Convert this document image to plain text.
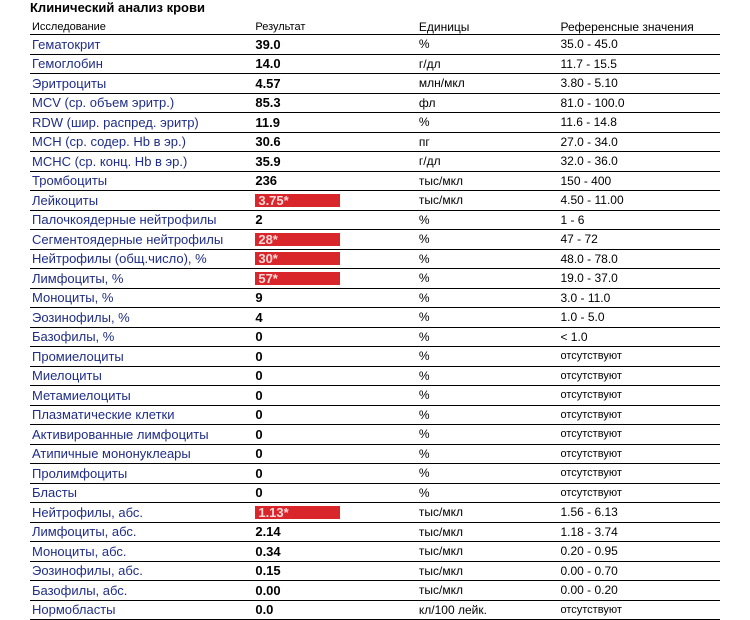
Клинический анализ крови
Исследование	Результат	Единицы	Референсные значения
Гематокрит	39.0	%	35.0 - 45.0
Гемоглобин	14.0	г/дл	11.7 - 15.5
Эритроциты	4.57	млн/мкл	3.80 - 5.10
MCV (ср. объем эритр.)	85.3	фл	81.0 - 100.0
RDW (шир. распред. эритр)	11.9	%	11.6 - 14.8
MCH (ср. содер. Hb в эр.)	30.6	пг	27.0 - 34.0
MCHC (ср. конц. Hb в эр.)	35.9	г/дл	32.0 - 36.0
Тромбоциты	236	тыс/мкл	150 - 400
Лейкоциты	3.75*	тыс/мкл	4.50 - 11.00
Палочкоядерные нейтрофилы	2	%	1 - 6
Сегментоядерные нейтрофилы	28*	%	47 - 72
Нейтрофилы (общ.число), %	30*	%	48.0 - 78.0
Лимфоциты, %	57*	%	19.0 - 37.0
Моноциты, %	9	%	3.0 - 11.0
Эозинофилы, %	4	%	1.0 - 5.0
Базофилы, %	0	%	< 1.0
Промиелоциты	0	%	отсутствуют
Миелоциты	0	%	отсутствуют
Метамиелоциты	0	%	отсутствуют
Плазматические клетки	0	%	отсутствуют
Активированные лимфоциты	0	%	отсутствуют
Атипичные мононуклеары	0	%	отсутствуют
Пролимфоциты	0	%	отсутствуют
Бласты	0	%	отсутствуют
Нейтрофилы, абс.	1.13*	тыс/мкл	1.56 - 6.13
Лимфоциты, абс.	2.14	тыс/мкл	1.18 - 3.74
Моноциты, абс.	0.34	тыс/мкл	0.20 - 0.95
Эозинофилы, абс.	0.15	тыс/мкл	0.00 - 0.70
Базофилы, абс.	0.00	тыс/мкл	0.00 - 0.20
Нормобласты	0.0	кл/100 лейк.	отсутствуют
